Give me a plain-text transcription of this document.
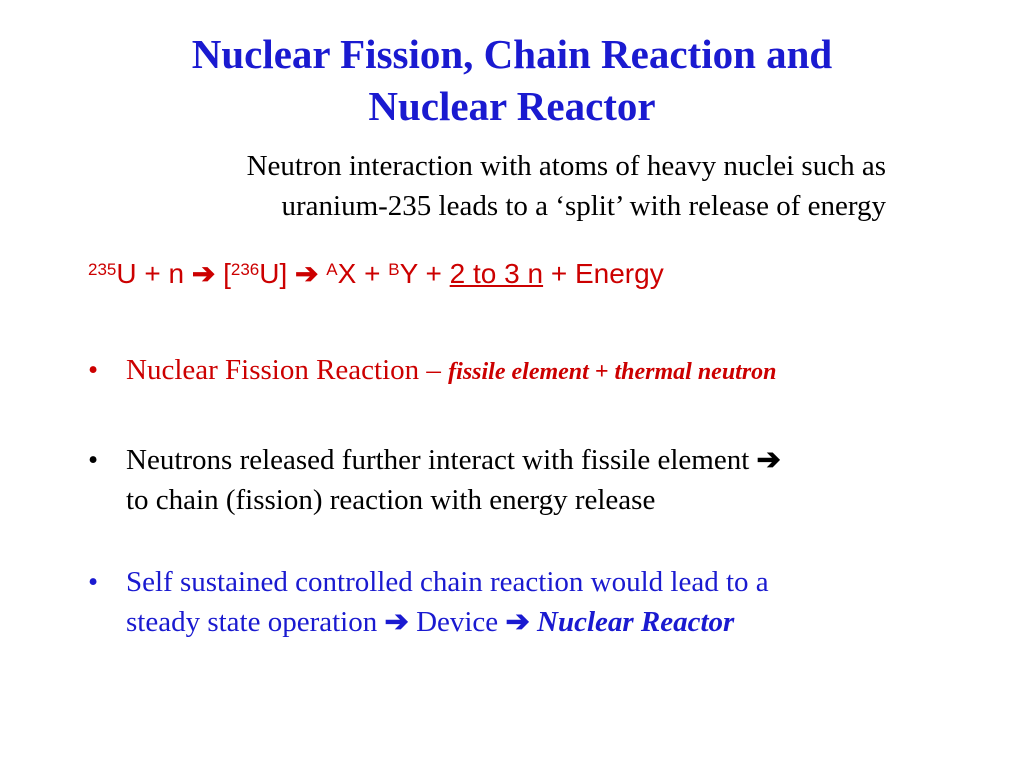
Nuclear Fission, Chain Reaction and
Nuclear Reactor
Neutron interaction with atoms of heavy nuclei such as
uranium-235 leads to a ‘split’ with release of energy
$^{235}$U + n ➔ [$^{236}$U] ➔ $^A$X + $^B$Y + 2 to 3 n + Energy
• Nuclear Fission Reaction – fissile element + thermal neutron
• Neutrons released further interact with fissile element ➔
to chain (fission) reaction with energy release
• Self sustained controlled chain reaction would lead to a
steady state operation ➔ Device ➔ Nuclear Reactor
